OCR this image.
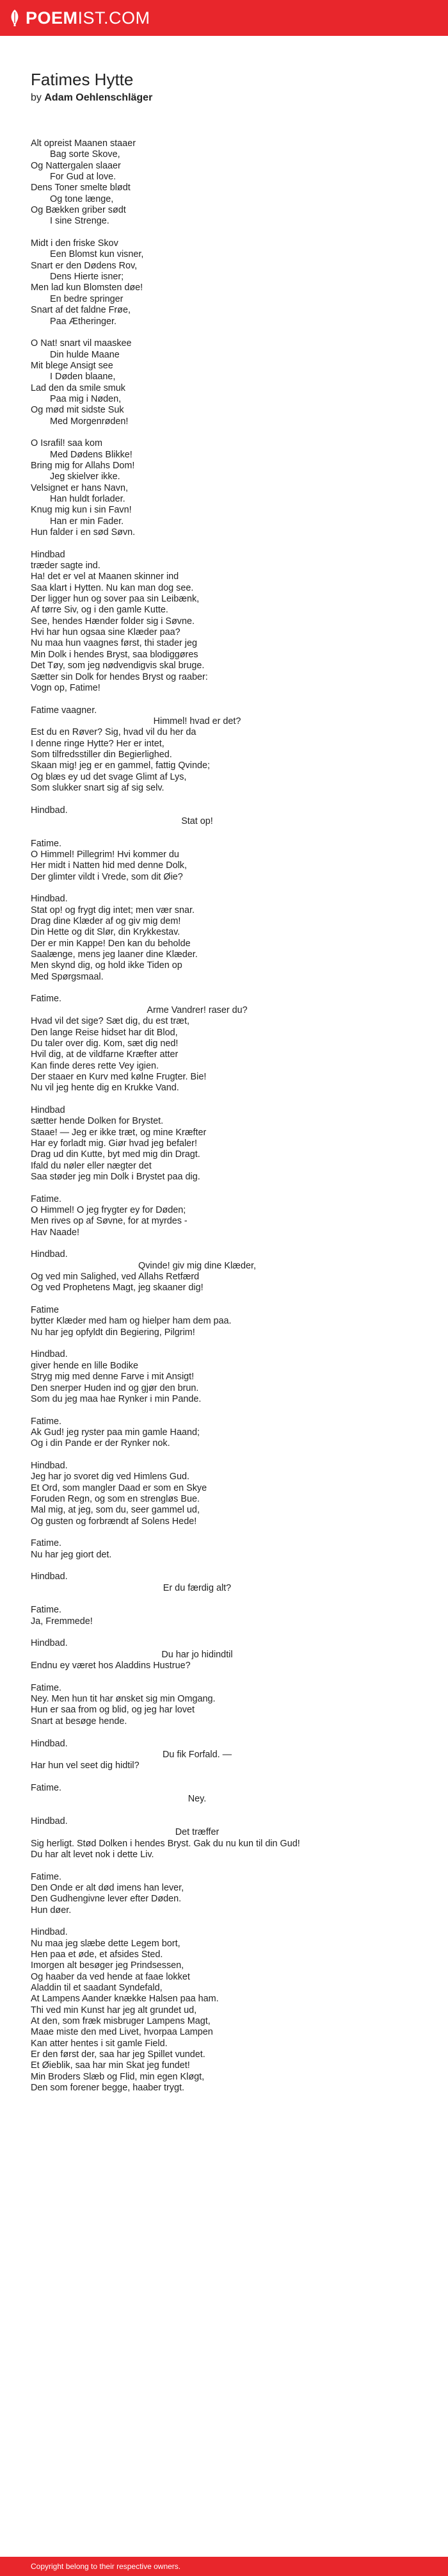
POEMIST.COM
Fatimes Hytte
by Adam Oehlenschläger
Alt opreist Maanen staaer
Bag sorte Skove,
Og Nattergalen slaaer
For Gud at love.
Dens Toner smelte blødt
Og tone længe,
Og Bækken griber sødt
I sine Strenge.
Midt i den friske Skov
Een Blomst kun visner,
Snart er den Dødens Rov,
Dens Hierte isner;
Men lad kun Blomsten døe!
En bedre springer
Snart af det faldne Frøe,
Paa Ætheringer.
O Nat! snart vil maaskee
Din hulde Maane
Mit blege Ansigt see
I Døden blaane,
Lad den da smile smuk
Paa mig i Nøden,
Og mød mit sidste Suk
Med Morgenrøden!
O Israfil! saa kom
Med Dødens Blikke!
Bring mig for Allahs Dom!
Jeg skielver ikke.
Velsignet er hans Navn,
Han huldt forlader.
Knug mig kun i sin Favn!
Han er min Fader.
Hun falder i en sød Søvn.
Hindbad
træder sagte ind.
Ha! det er vel at Maanen skinner ind
Saa klart i Hytten. Nu kan man dog see.
Der ligger hun og sover paa sin Leibænk,
Af tørre Siv, og i den gamle Kutte.
See, hendes Hænder folder sig i Søvne.
Hvi har hun ogsaa sine Klæder paa?
Nu maa hun vaagnes først, thi stader jeg
Min Dolk i hendes Bryst, saa blodiggøres
Det Tøy, som jeg nødvendigvis skal bruge.
Sætter sin Dolk for hendes Bryst og raaber:
Vogn op, Fatime!
Fatime vaagner.
Himmel! hvad er det?
Est du en Røver? Sig, hvad vil du her da
I denne ringe Hytte? Her er intet,
Som tilfredsstiller din Begierlighed.
Skaan mig! jeg er en gammel, fattig Qvinde;
Og blæs ey ud det svage Glimt af Lys,
Som slukker snart sig af sig selv.
Hindbad.
Stat op!
Fatime.
O Himmel! Pillegrim! Hvi kommer du
Her midt i Natten hid med denne Dolk,
Der glimter vildt i Vrede, som dit Øie?
Hindbad.
Stat op! og frygt dig intet; men vær snar.
Drag dine Klæder af og giv mig dem!
Din Hette og dit Slør, din Krykkestav.
Der er min Kappe! Den kan du beholde
Saalænge, mens jeg laaner dine Klæder.
Men skynd dig, og hold ikke Tiden op
Med Spørgsmaal.
Fatime.
Arme Vandrer! raser du?
Hvad vil det sige? Sæt dig, du est træt,
Den lange Reise hidset har dit Blod,
Du taler over dig. Kom, sæt dig ned!
Hvil dig, at de vildfarne Kræfter atter
Kan finde deres rette Vey igien.
Der staaer en Kurv med kølne Frugter. Bie!
Nu vil jeg hente dig en Krukke Vand.
Hindbad
sætter hende Dolken for Brystet.
Staae! — Jeg er ikke træt, og mine Kræfter
Har ey forladt mig. Giør hvad jeg befaler!
Drag ud din Kutte, byt med mig din Dragt.
Ifald du nøler eller nægter det
Saa støder jeg min Dolk i Brystet paa dig.
Fatime.
O Himmel! O jeg frygter ey for Døden;
Men rives op af Søvne, for at myrdes -
Hav Naade!
Hindbad.
Qvinde! giv mig dine Klæder,
Og ved min Salighed, ved Allahs Retfærd
Og ved Prophetens Magt, jeg skaaner dig!
Fatime
bytter Klæder med ham og hielper ham dem paa.
Nu har jeg opfyldt din Begiering, Pilgrim!
Hindbad.
giver hende en lille Bodike
Stryg mig med denne Farve i mit Ansigt!
Den snerper Huden ind og gjør den brun.
Som du jeg maa hae Rynker i min Pande.
Fatime.
Ak Gud! jeg ryster paa min gamle Haand;
Og i din Pande er der Rynker nok.
Hindbad.
Jeg har jo svoret dig ved Himlens Gud.
Et Ord, som mangler Daad er som en Skye
Foruden Regn, og som en strengløs Bue.
Mal mig, at jeg, som du, seer gammel ud,
Og gusten og forbrændt af Solens Hede!
Fatime.
Nu har jeg giort det.
Hindbad.
Er du færdig alt?
Fatime.
Ja, Fremmede!
Hindbad.
Du har jo hidindtil
Endnu ey været hos Aladdins Hustrue?
Fatime.
Ney. Men hun tit har ønsket sig min Omgang.
Hun er saa from og blid, og jeg har lovet
Snart at besøge hende.
Hindbad.
Du fik Forfald. —
Har hun vel seet dig hidtil?
Fatime.
Ney.
Hindbad.
Det træffer
Sig herligt. Stød Dolken i hendes Bryst. Gak du nu kun til din Gud!
Du har alt levet nok i dette Liv.
Fatime.
Den Onde er alt død imens han lever,
Den Gudhengivne lever efter Døden.
Hun døer.
Hindbad.
Nu maa jeg slæbe dette Legem bort,
Hen paa et øde, et afsides Sted.
Imorgen alt besøger jeg Prindsessen,
Og haaber da ved hende at faae lokket
Aladdin til et saadant Syndefald,
At Lampens Aander knække Halsen paa ham.
Thi ved min Kunst har jeg alt grundet ud,
At den, som fræk misbruger Lampens Magt,
Maae miste den med Livet, hvorpaa Lampen
Kan atter hentes i sit gamle Field.
Er den først der, saa har jeg Spillet vundet.
Et Øieblik, saa har min Skat jeg fundet!
Min Broders Slæb og Flid, min egen Kløgt,
Den som forener begge, haaber trygt.
Copyright belong to their respective owners.
